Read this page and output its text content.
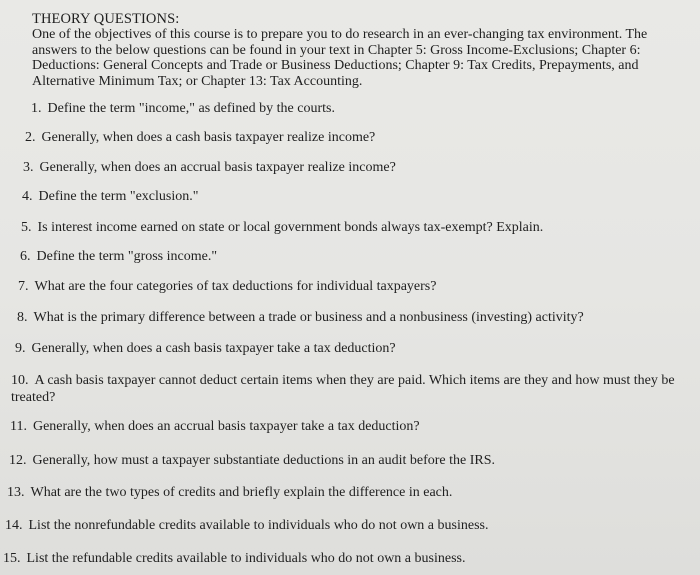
THEORY QUESTIONS:
One of the objectives of this course is to prepare you to do research in an ever-changing tax environment. The answers to the below questions can be found in your text in Chapter 5: Gross Income-Exclusions; Chapter 6: Deductions: General Concepts and Trade or Business Deductions; Chapter 9: Tax Credits, Prepayments, and Alternative Minimum Tax; or Chapter 13: Tax Accounting.
1. Define the term "income," as defined by the courts.
2. Generally, when does a cash basis taxpayer realize income?
3. Generally, when does an accrual basis taxpayer realize income?
4. Define the term "exclusion."
5. Is interest income earned on state or local government bonds always tax-exempt? Explain.
6. Define the term "gross income."
7. What are the four categories of tax deductions for individual taxpayers?
8. What is the primary difference between a trade or business and a nonbusiness (investing) activity?
9. Generally, when does a cash basis taxpayer take a tax deduction?
10. A cash basis taxpayer cannot deduct certain items when they are paid. Which items are they and how must they be treated?
11. Generally, when does an accrual basis taxpayer take a tax deduction?
12. Generally, how must a taxpayer substantiate deductions in an audit before the IRS.
13. What are the two types of credits and briefly explain the difference in each.
14. List the nonrefundable credits available to individuals who do not own a business.
15. List the refundable credits available to individuals who do not own a business.
